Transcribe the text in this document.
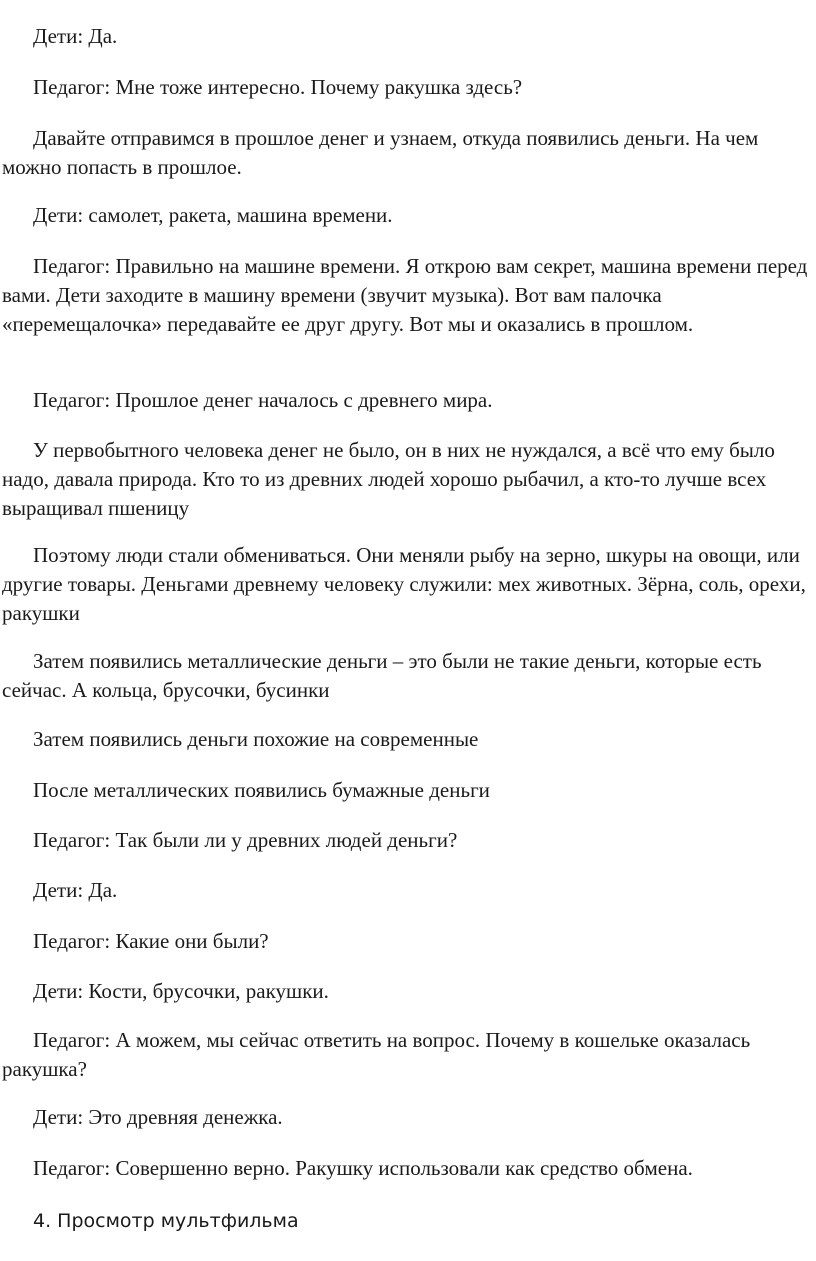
Дети: Да.

Педагог: Мне тоже интересно. Почему ракушка здесь?

Давайте отправимся в прошлое денег и узнаем, откуда появились деньги. На чем можно попасть в прошлое.

Дети: самолет, ракета, машина времени.

Педагог: Правильно на машине времени. Я открою вам секрет, машина времени перед вами. Дети заходите в машину времени (звучит музыка). Вот вам палочка «перемещалочка» передавайте ее друг другу. Вот мы и оказались в прошлом.

Педагог: Прошлое денег началось с древнего мира.

У первобытного человека денег не было, он в них не нуждался, а всё что ему было надо, давала природа. Кто то из древних людей хорошо рыбачил, а кто-то лучше всех выращивал пшеницу

Поэтому люди стали обмениваться. Они меняли рыбу на зерно, шкуры на овощи, или другие товары. Деньгами древнему человеку служили: мех животных. Зёрна, соль, орехи, ракушки

Затем появились металлические деньги – это были не такие деньги, которые есть сейчас. А кольца, брусочки, бусинки

Затем появились деньги похожие на современные

После металлических появились бумажные деньги

Педагог: Так были ли у древних людей деньги?

Дети: Да.

Педагог: Какие они были?

Дети: Кости, брусочки, ракушки.

Педагог: А можем, мы сейчас ответить на вопрос. Почему в кошельке оказалась ракушка?

Дети: Это древняя денежка.

Педагог: Совершенно верно. Ракушку использовали как средство обмена.

4. Просмотр мультфильма
